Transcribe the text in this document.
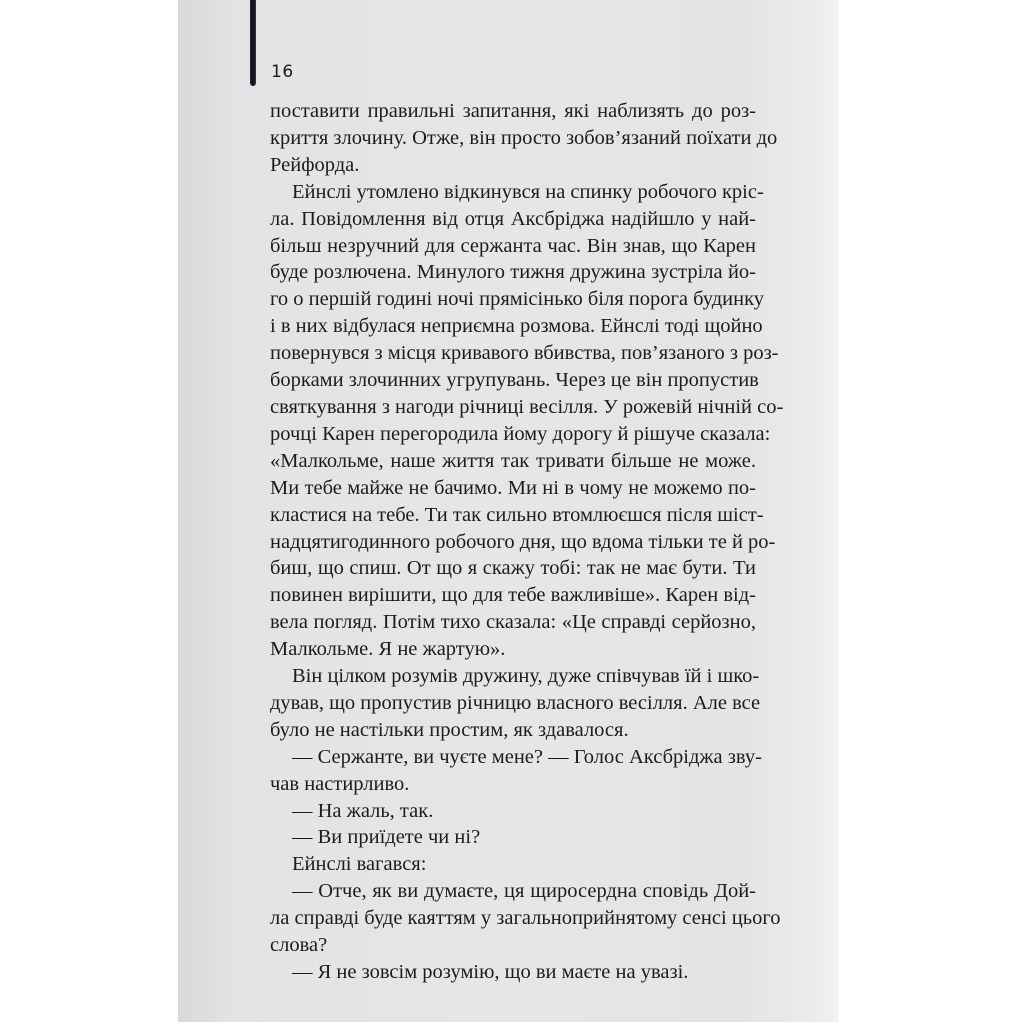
16
поставити правильні запитання, які наблизять до роз-
криття злочину. Отже, він просто зобов’язаний поїхати до
Рейфорда.
Ейнслі утомлено відкинувся на спинку робочого кріс-
ла. Повідомлення від отця Аксбріджа надійшло у най-
більш незручний для сержанта час. Він знав, що Карен
буде розлючена. Минулого тижня дружина зустріла йо-
го о першій годині ночі прямісінько біля порога будинку
і в них відбулася неприємна розмова. Ейнслі тоді щойно
повернувся з місця кривавого вбивства, пов’язаного з роз-
борками злочинних угрупувань. Через це він пропустив
святкування з нагоди річниці весілля. У рожевій нічній со-
рочці Карен перегородила йому дорогу й рішуче сказала:
«Малкольме, наше життя так тривати більше не може.
Ми тебе майже не бачимо. Ми ні в чому не можемо по-
кластися на тебе. Ти так сильно втомлюєшся після шіст-
надцятигодинного робочого дня, що вдома тільки те й ро-
биш, що спиш. От що я скажу тобі: так не має бути. Ти
повинен вирішити, що для тебе важливіше». Карен від-
вела погляд. Потім тихо сказала: «Це справді серйозно,
Малкольме. Я не жартую».
Він цілком розумів дружину, дуже співчував їй і шко-
дував, що пропустив річницю власного весілля. Але все
було не настільки простим, як здавалося.
— Сержанте, ви чуєте мене? — Голос Аксбріджа зву-
чав настирливо.
— На жаль, так.
— Ви приїдете чи ні?
Ейнслі вагався:
— Отче, як ви думаєте, ця щиросердна сповідь Дой-
ла справді буде каяттям у загальноприйнятому сенсі цього
слова?
— Я не зовсім розумію, що ви маєте на увазі.
